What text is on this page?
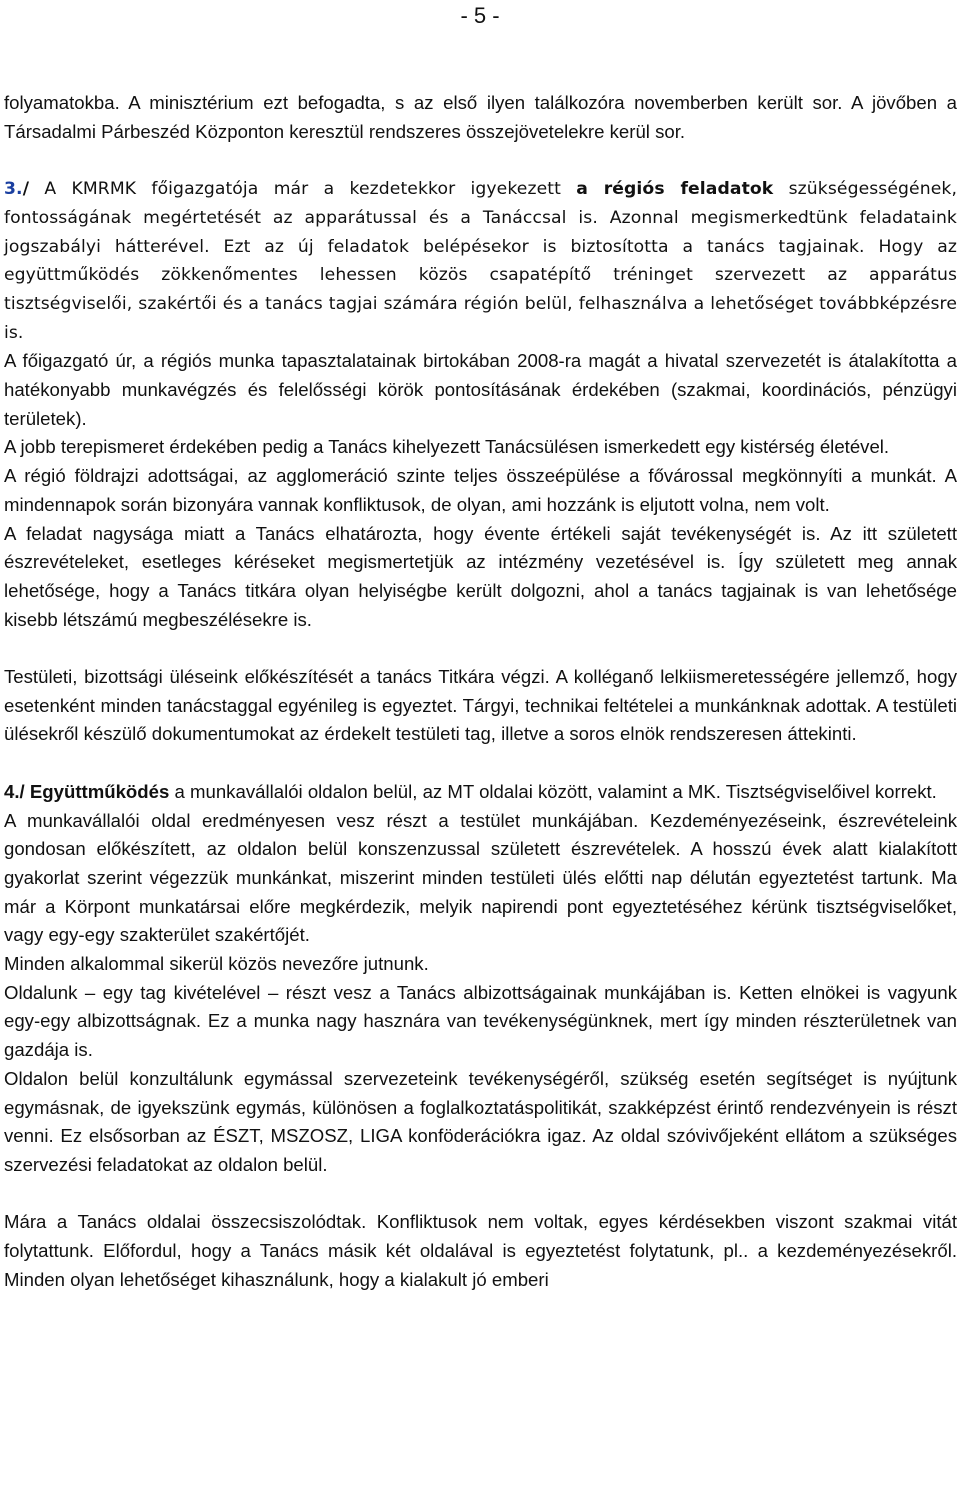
- 5 -

folyamatokba. A minisztérium ezt befogadta, s az első ilyen találkozóra novemberben került sor. A jövőben a Társadalmi Párbeszéd Központon keresztül rendszeres összejövetelekre kerül sor.

3./ A KMRMK főigazgatója már a kezdetekkor igyekezett a régiós feladatok szükségességének, fontosságának megértetését az apparátussal és a Tanáccsal is. Azonnal megismerkedtünk feladataink jogszabályi hátterével. Ezt az új feladatok belépésekor is biztosította a tanács tagjainak. Hogy az együttműködés zökkenőmentes lehessen közös csapatépítő tréninget szervezett az apparátus tisztségviselői, szakértői és a tanács tagjai számára régión belül, felhasználva a lehetőséget továbbképzésre is.

A főigazgató úr, a régiós munka tapasztalatainak birtokában 2008-ra magát a hivatal szervezetét is átalakította a hatékonyabb munkavégzés és felelősségi körök pontosításának érdekében (szakmai, koordinációs, pénzügyi területek).

A jobb terepismeret érdekében pedig a Tanács kihelyezett Tanácsülésen ismerkedett egy kistérség életével.

A régió földrajzi adottságai, az agglomeráció szinte teljes összeépülése a fővárossal megkönnyíti a munkát. A mindennapok során bizonyára vannak konfliktusok, de olyan, ami hozzánk is eljutott volna, nem volt.

A feladat nagysága miatt a Tanács elhatározta, hogy évente értékeli saját tevékenységét is. Az itt született észrevételeket, esetleges kéréseket megismertetjük az intézmény vezetésével is. Így született meg annak lehetősége, hogy a Tanács titkára olyan helyiségbe került dolgozni, ahol a tanács tagjainak is van lehetősége kisebb létszámú megbeszélésekre is.

Testületi, bizottsági üléseink előkészítését a tanács Titkára végzi. A kolléganő lelkiismeretességére jellemző, hogy esetenként minden tanácstaggal egyénileg is egyeztet. Tárgyi, technikai feltételei a munkánknak adottak. A testületi ülésekről készülő dokumentumokat az érdekelt testületi tag, illetve a soros elnök rendszeresen áttekinti.

4./ Együttműködés a munkavállalói oldalon belül, az MT oldalai között, valamint a MK. Tisztségviselőivel korrekt.

A munkavállalói oldal eredményesen vesz részt a testület munkájában. Kezdeményezéseink, észrevételeink gondosan előkészített, az oldalon belül konszenzussal született észrevételek. A hosszú évek alatt kialakított gyakorlat szerint végezzük munkánkat, miszerint minden testületi ülés előtti nap délután egyeztetést tartunk. Ma már a Körpont munkatársai előre megkérdezik, melyik napirendi pont egyeztetéséhez kérünk tisztségviselőket, vagy egy-egy szakterület szakértőjét.

Minden alkalommal sikerül közös nevezőre jutnunk.

Oldalunk – egy tag kivételével – részt vesz a Tanács albizottságainak munkájában is. Ketten elnökei is vagyunk egy-egy albizottságnak. Ez a munka nagy hasznára van tevékenységünknek, mert így minden részterületnek van gazdája is.

Oldalon belül konzultálunk egymással szervezeteink tevékenységéről, szükség esetén segítséget is nyújtunk egymásnak, de igyekszünk egymás, különösen a foglalkoztatáspolitikát, szakképzést érintő rendezvényein is részt venni. Ez elsősorban az ÉSZT, MSZOSZ, LIGA konföderációkra igaz. Az oldal szóvivőjeként ellátom a szükséges szervezési feladatokat az oldalon belül.

Mára a Tanács oldalai összecsiszolódtak. Konfliktusok nem voltak, egyes kérdésekben viszont szakmai vitát folytattunk. Előfordul, hogy a Tanács másik két oldalával is egyeztetést folytatunk, pl.. a kezdeményezésekről. Minden olyan lehetőséget kihasználunk, hogy a kialakult jó emberi
